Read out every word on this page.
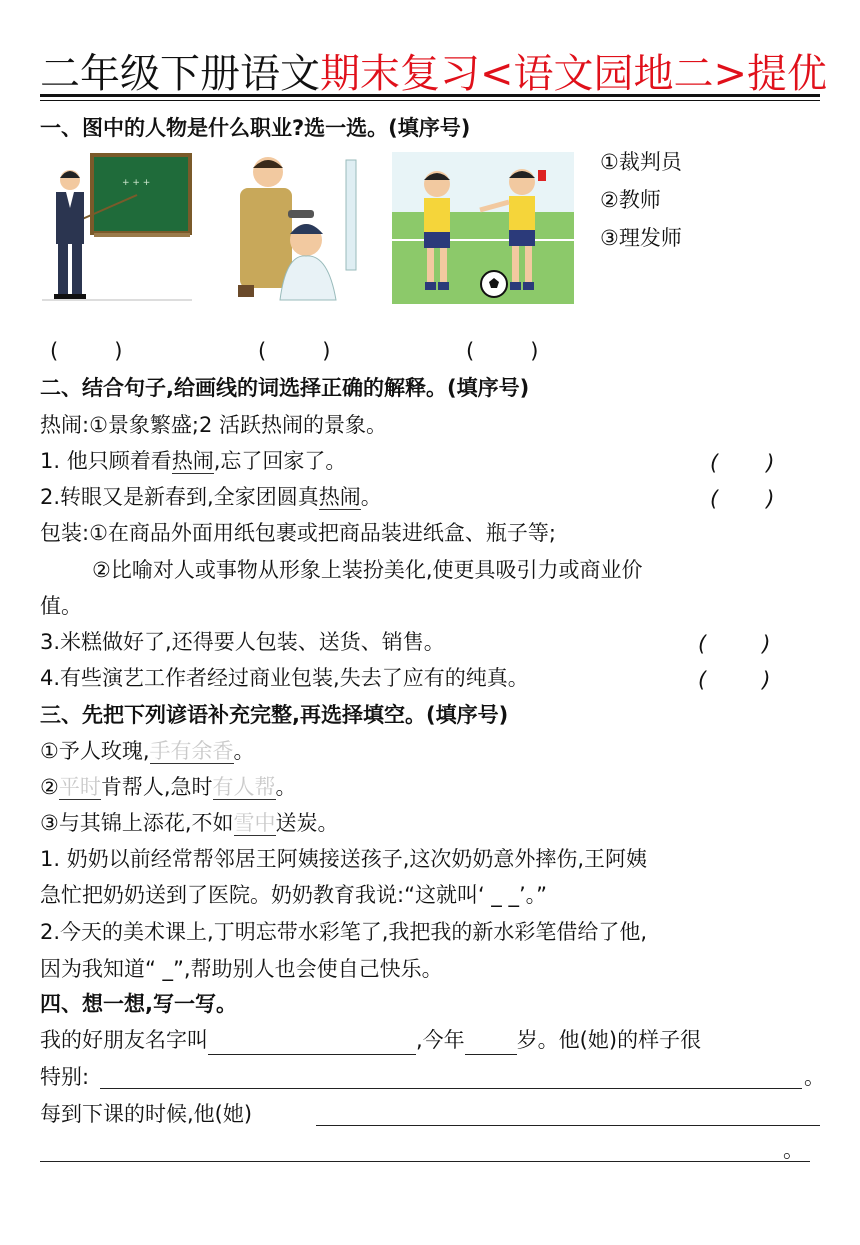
二年级下册语文期末复习<语文园地二>提优
一、图中的人物是什么职业?选一选。(填序号)
+ + +
①裁判员
②教师
③理发师
(	)	(	)	(	)
二、结合句子,给画线的词选择正确的解释。(填序号)
热闹:①景象繁盛;2 活跃热闹的景象。
1. 他只顾着看热闹,忘了回家了。	( )
2.转眼又是新春到,全家团圆真热闹。	( )
包装:①在商品外面用纸包裹或把商品装进纸盒、瓶子等;
②比喻对人或事物从形象上装扮美化,使更具吸引力或商业价
值。
3.米糕做好了,还得要人包装、送货、销售。	(	)
4.有些演艺工作者经过商业包装,失去了应有的纯真。	(	)
三、先把下列谚语补充完整,再选择填空。(填序号)
①予人玫瑰,手有余香。
②平时肯帮人,急时有人帮。
③与其锦上添花,不如雪中送炭。
1. 奶奶以前经常帮邻居王阿姨接送孩子,这次奶奶意外摔伤,王阿姨
急忙把奶奶送到了医院。奶奶教育我说:“这就叫‘ _ _’。”
2.今天的美术课上,丁明忘带水彩笔了,我把我的新水彩笔借给了他,
因为我知道“ _”,帮助别人也会使自己快乐。
四、想一想,写一写。
我的好朋友名字叫	,今年 岁。他(她)的样子很
特别:	。
每到下课的时候,他(她)
。
